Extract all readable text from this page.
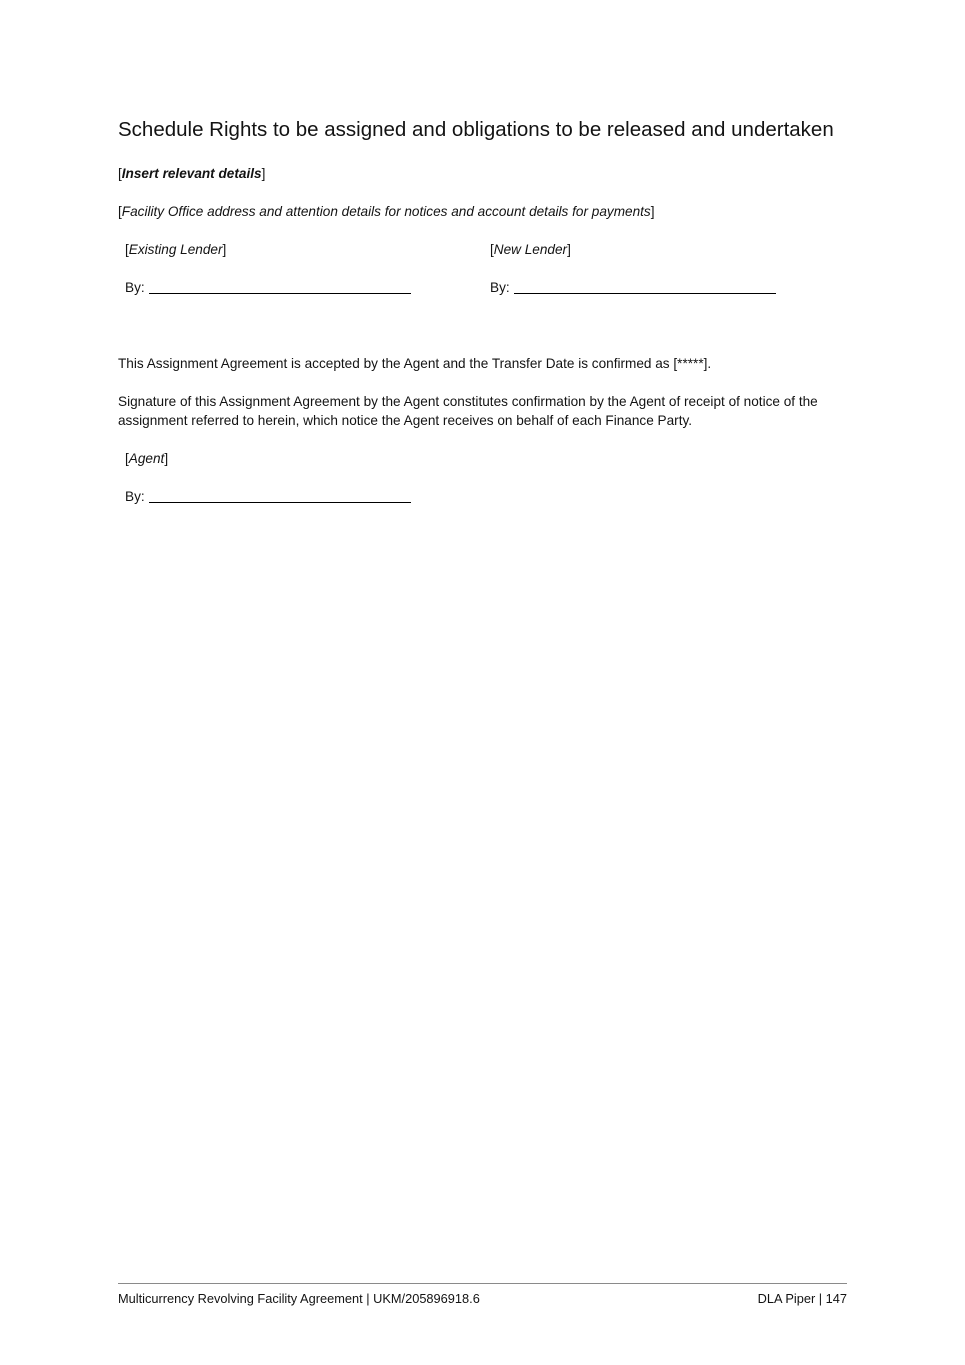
Schedule Rights to be assigned and obligations to be released and undertaken

[Insert relevant details]

[Facility Office address and attention details for notices and account details for payments]

[Existing Lender]	[New Lender]

By:	By:

This Assignment Agreement is accepted by the Agent and the Transfer Date is confirmed as [*****].

Signature of this Assignment Agreement by the Agent constitutes confirmation by the Agent of receipt of notice of the assignment referred to herein, which notice the Agent receives on behalf of each Finance Party.

[Agent]

By:

Multicurrency Revolving Facility Agreement | UKM/205896918.6	DLA Piper | 147
